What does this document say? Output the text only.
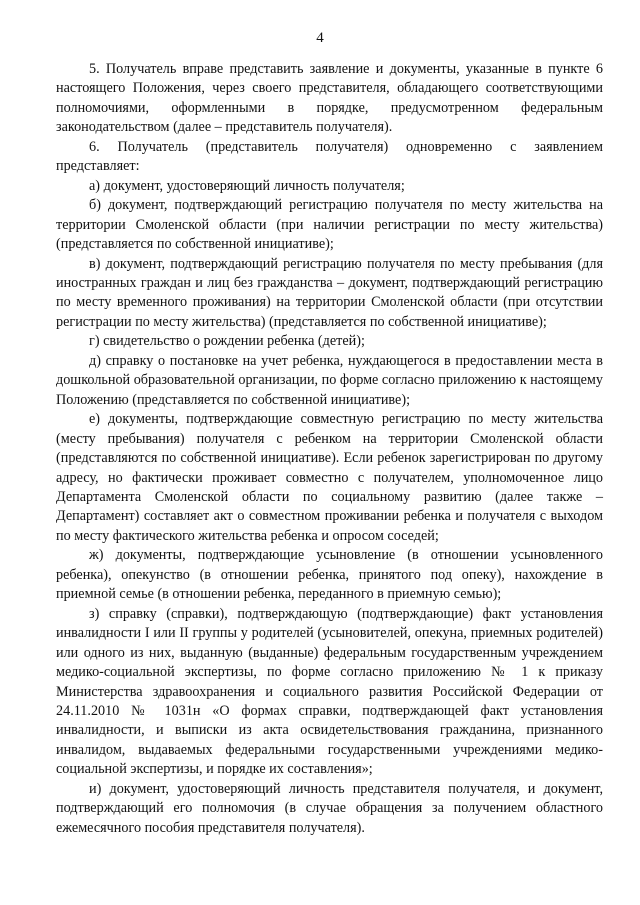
4

5. Получатель вправе представить заявление и документы, указанные в пункте 6 настоящего Положения, через своего представителя, обладающего соответствующими полномочиями, оформленными в порядке, предусмотренном федеральным законодательством (далее – представитель получателя).

6. Получатель (представитель получателя) одновременно с заявлением представляет:

а) документ, удостоверяющий личность получателя;

б) документ, подтверждающий регистрацию получателя по месту жительства на территории Смоленской области (при наличии регистрации по месту жительства) (представляется по собственной инициативе);

в) документ, подтверждающий регистрацию получателя по месту пребывания (для иностранных граждан и лиц без гражданства – документ, подтверждающий регистрацию по месту временного проживания) на территории Смоленской области (при отсутствии регистрации по месту жительства) (представляется по собственной инициативе);

г) свидетельство о рождении ребенка (детей);

д) справку о постановке на учет ребенка, нуждающегося в предоставлении места в дошкольной образовательной организации, по форме согласно приложению к настоящему Положению (представляется по собственной инициативе);

е) документы, подтверждающие совместную регистрацию по месту жительства (месту пребывания) получателя с ребенком на территории Смоленской области (представляются по собственной инициативе). Если ребенок зарегистрирован по другому адресу, но фактически проживает совместно с получателем, уполномоченное лицо Департамента Смоленской области по социальному развитию (далее также – Департамент) составляет акт о совместном проживании ребенка и получателя с выходом по месту фактического жительства ребенка и опросом соседей;

ж) документы, подтверждающие усыновление (в отношении усыновленного ребенка), опекунство (в отношении ребенка, принятого под опеку), нахождение в приемной семье (в отношении ребенка, переданного в приемную семью);

з) справку (справки), подтверждающую (подтверждающие) факт установления инвалидности I или II группы у родителей (усыновителей, опекуна, приемных родителей) или одного из них, выданную (выданные) федеральным государственным учреждением медико-социальной экспертизы, по форме согласно приложению № 1 к приказу Министерства здравоохранения и социального развития Российской Федерации от 24.11.2010 № 1031н «О формах справки, подтверждающей факт установления инвалидности, и выписки из акта освидетельствования гражданина, признанного инвалидом, выдаваемых федеральными государственными учреждениями медико-социальной экспертизы, и порядке их составления»;

и) документ, удостоверяющий личность представителя получателя, и документ, подтверждающий его полномочия (в случае обращения за получением областного ежемесячного пособия представителя получателя).
